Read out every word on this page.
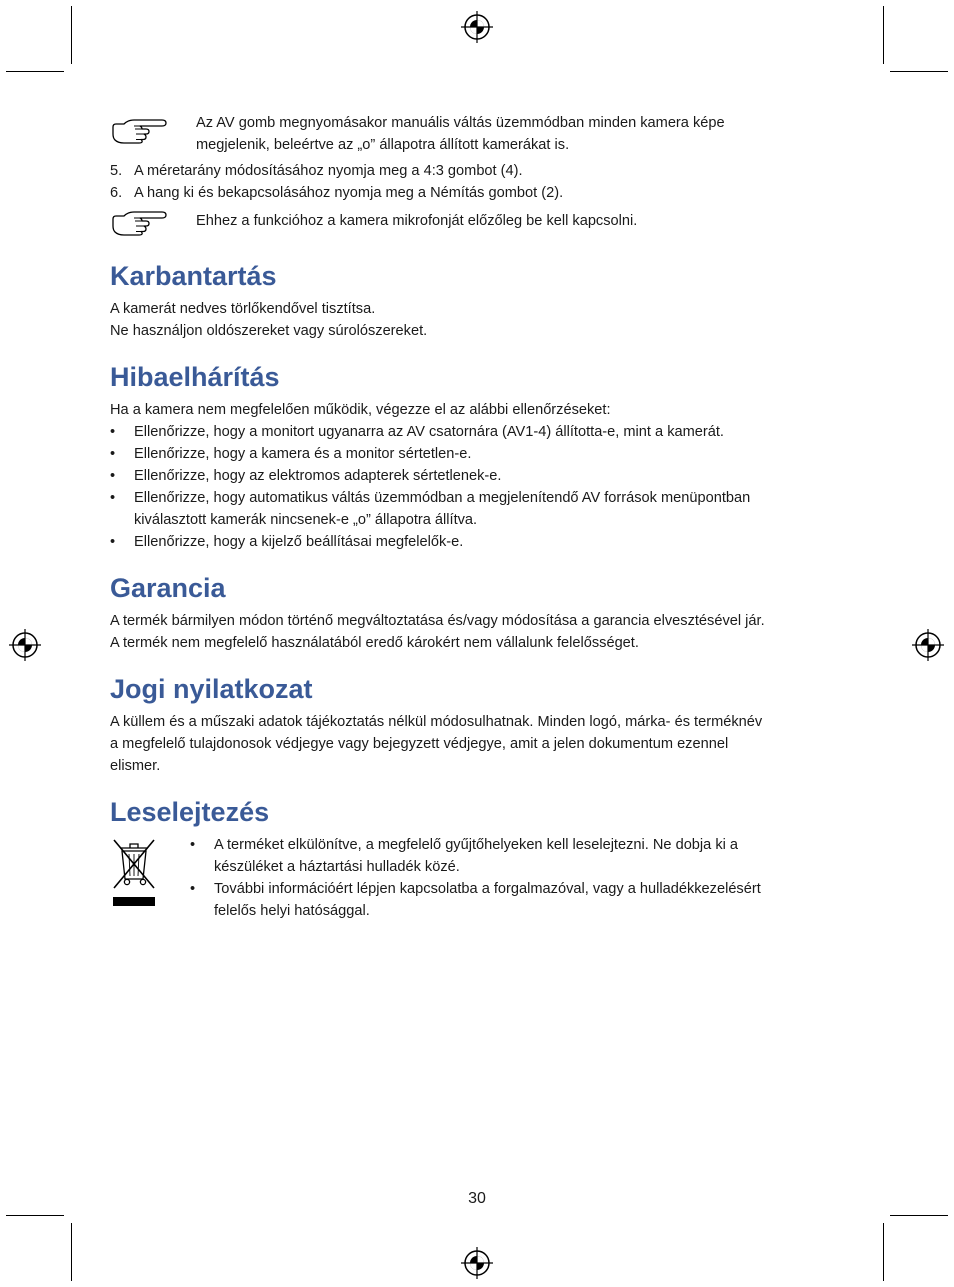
Az AV gomb megnyomásakor manuális váltás üzemmódban minden kamera képe
megjelenik, beleértve az „o” állapotra állított kamerákat is.
5. A méretarány módosításához nyomja meg a 4:3 gombot (4).
6. A hang ki és bekapcsolásához nyomja meg a Némítás gombot (2).
Ehhez a funkcióhoz a kamera mikrofonját előzőleg be kell kapcsolni.
Karbantartás

A kamerát nedves törlőkendővel tisztítsa.

Ne használjon oldószereket vagy súrolószereket.

Hibaelhárítás

Ha a kamera nem megfelelően működik, végezze el az alábbi ellenőrzéseket:

•	Ellenőrizze, hogy a monitort ugyanarra az AV csatornára (AV1-4) állította-e, mint a kamerát.
•	Ellenőrizze, hogy a kamera és a monitor sértetlen-e.
•	Ellenőrizze, hogy az elektromos adapterek sértetlenek-e.
•	Ellenőrizze, hogy automatikus váltás üzemmódban a megjelenítendő AV források menüpontban
kiválasztott kamerák nincsenek-e „o” állapotra állítva.
•	Ellenőrizze, hogy a kijelző beállításai megfelelők-e.
Garancia

A termék bármilyen módon történő megváltoztatása és/vagy módosítása a garancia elvesztésével jár.

A termék nem megfelelő használatából eredő károkért nem vállalunk felelősséget.

Jogi nyilatkozat

A küllem és a műszaki adatok tájékoztatás nélkül módosulhatnak. Minden logó, márka- és terméknév

a megfelelő tulajdonosok védjegye vagy bejegyzett védjegye, amit a jelen dokumentum ezennel

elismer.

Leselejtezés
•	A terméket elkülönítve, a megfelelő gyűjtőhelyeken kell leselejtezni. Ne dobja ki a
készüléket a háztartási hulladék közé.
•	További információért lépjen kapcsolatba a forgalmazóval, vagy a hulladékkezelésért
felelős helyi hatósággal.
30
